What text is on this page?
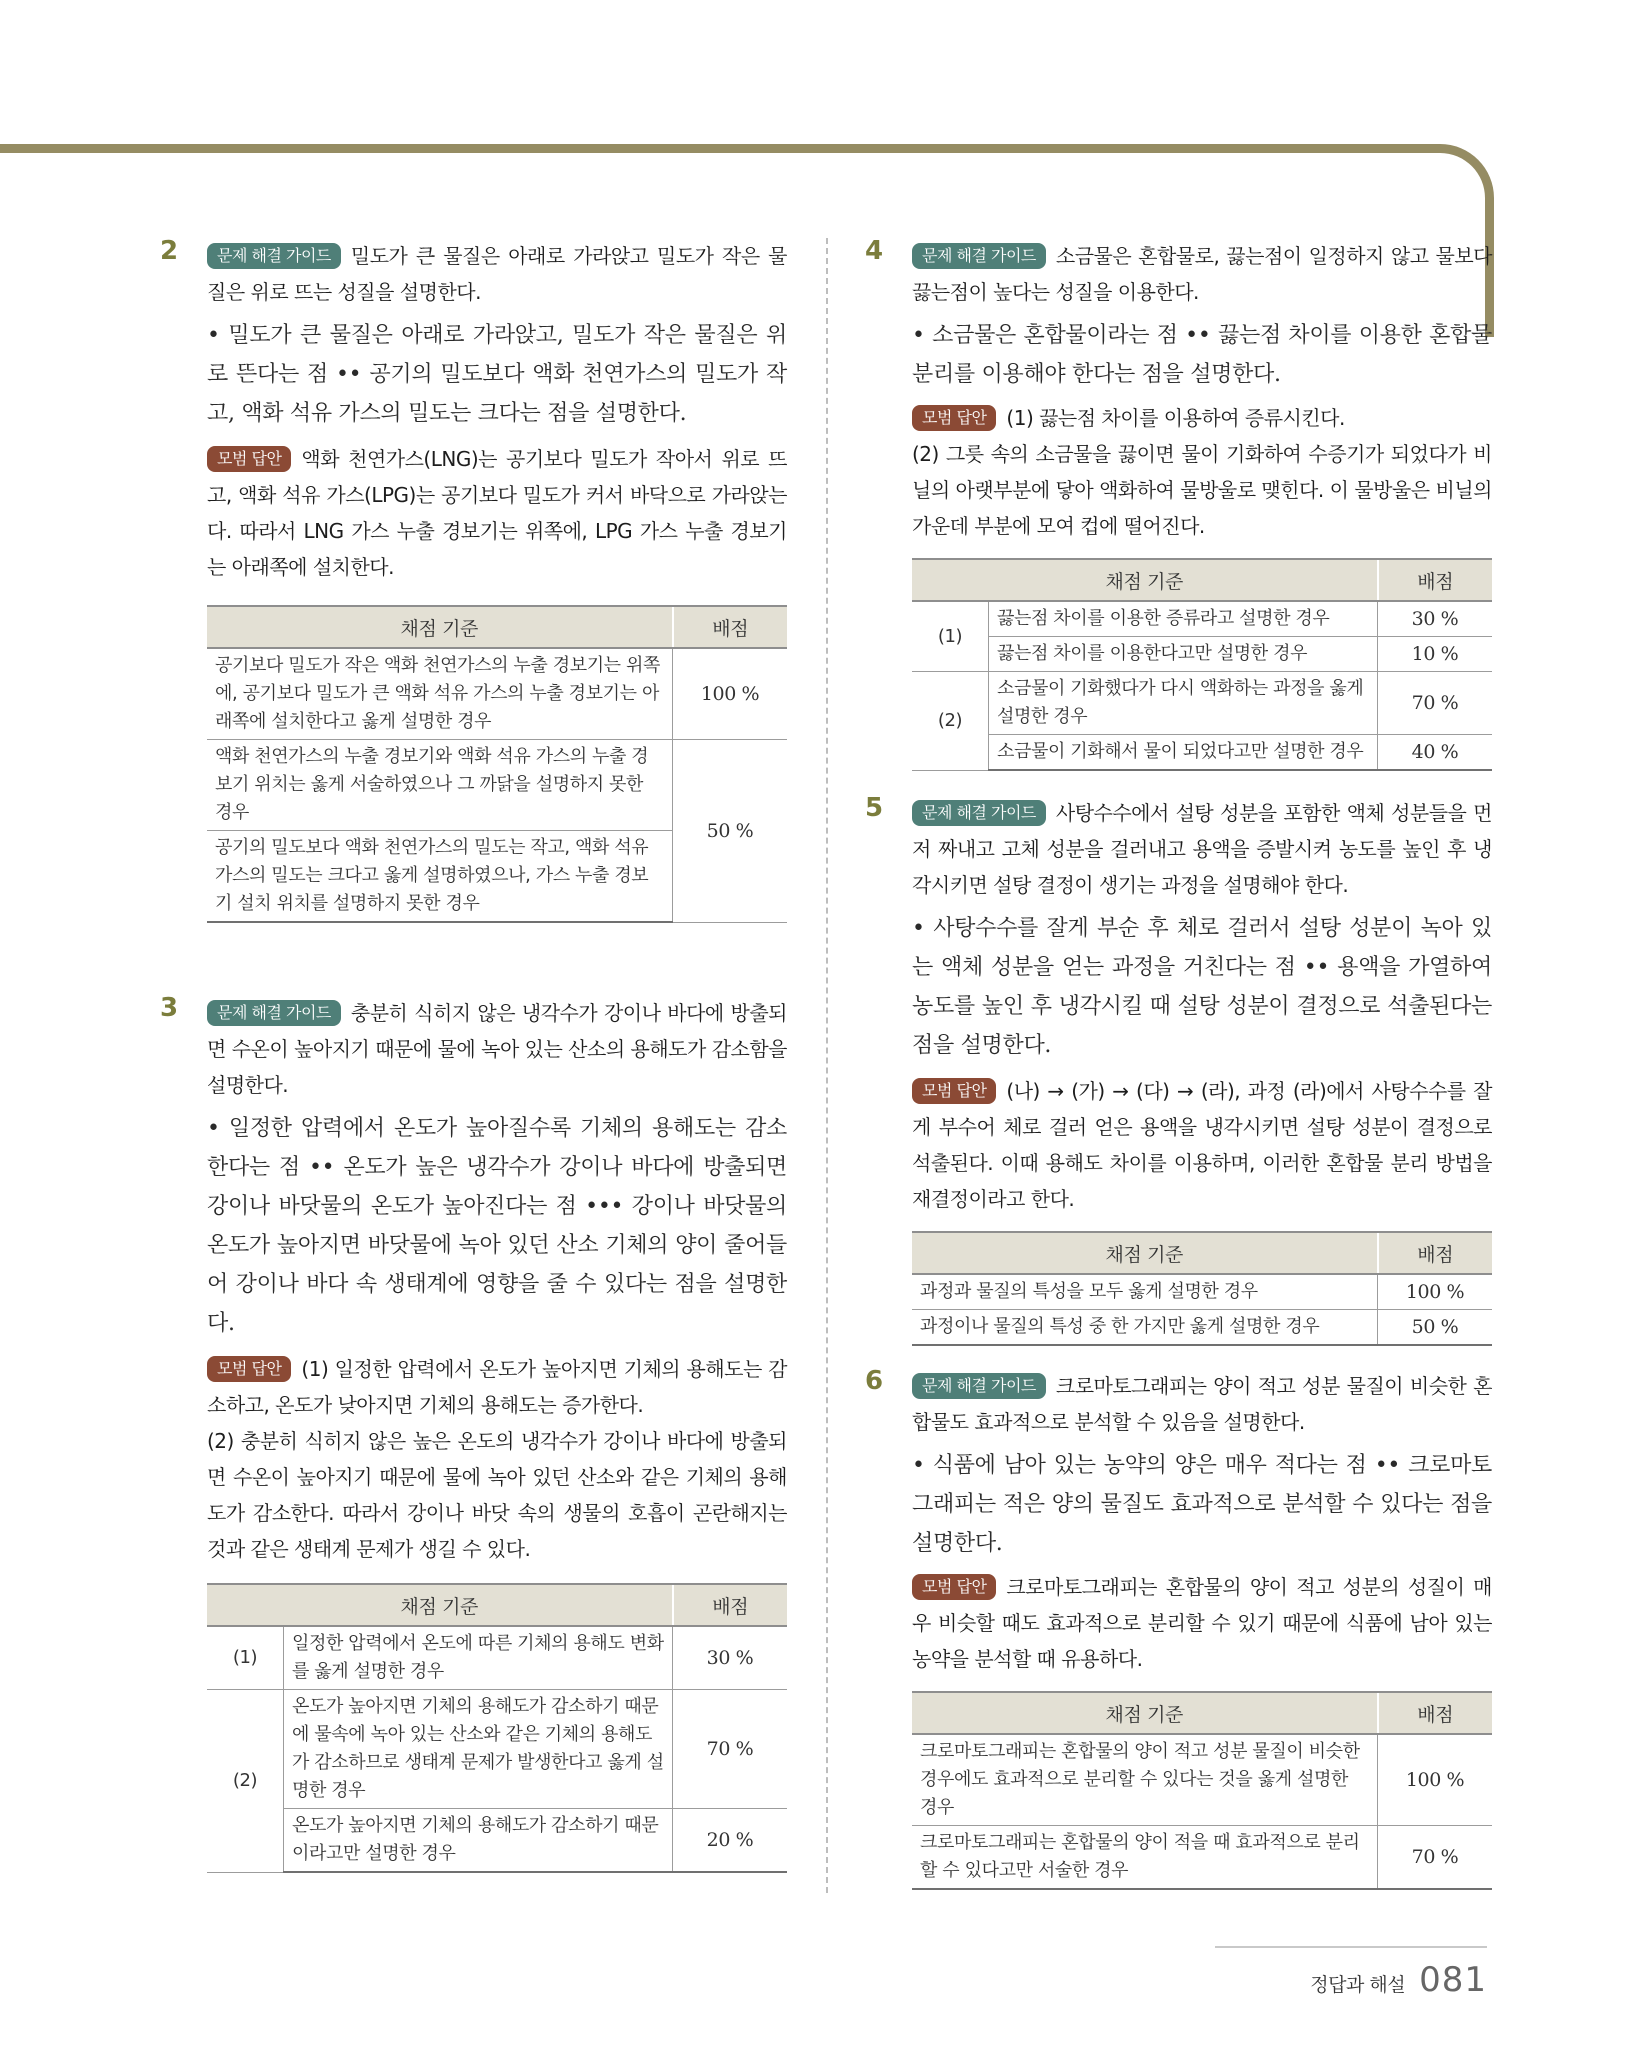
2	문제 해결 가이드 밀도가 큰 물질은 아래로 가라앉고 밀도가 작은 물질은 위로 뜨는 성질을 설명한다.

• 밀도가 큰 물질은 아래로 가라앉고, 밀도가 작은 물질은 위로 뜬다는 점 •• 공기의 밀도보다 액화 천연가스의 밀도가 작고, 액화 석유 가스의 밀도는 크다는 점을 설명한다.

모범 답안 액화 천연가스(LNG)는 공기보다 밀도가 작아서 위로 뜨고, 액화 석유 가스(LPG)는 공기보다 밀도가 커서 바닥으로 가라앉는다. 따라서 LNG 가스 누출 경보기는 위쪽에, LPG 가스 누출 경보기는 아래쪽에 설치한다.

채점 기준	배점
공기보다 밀도가 작은 액화 천연가스의 누출 경보기는 위쪽에, 공기보다 밀도가 큰 액화 석유 가스의 누출 경보기는 아래쪽에 설치한다고 옳게 설명한 경우	100 %
액화 천연가스의 누출 경보기와 액화 석유 가스의 누출 경보기 위치는 옳게 서술하였으나 그 까닭을 설명하지 못한 경우	50 %
공기의 밀도보다 액화 천연가스의 밀도는 작고, 액화 석유 가스의 밀도는 크다고 옳게 설명하였으나, 가스 누출 경보기 설치 위치를 설명하지 못한 경우	
3	문제 해결 가이드 충분히 식히지 않은 냉각수가 강이나 바다에 방출되면 수온이 높아지기 때문에 물에 녹아 있는 산소의 용해도가 감소함을 설명한다.

• 일정한 압력에서 온도가 높아질수록 기체의 용해도는 감소한다는 점 •• 온도가 높은 냉각수가 강이나 바다에 방출되면 강이나 바닷물의 온도가 높아진다는 점 ••• 강이나 바닷물의 온도가 높아지면 바닷물에 녹아 있던 산소 기체의 양이 줄어들어 강이나 바다 속 생태계에 영향을 줄 수 있다는 점을 설명한다.

모범 답안 (1) 일정한 압력에서 온도가 높아지면 기체의 용해도는 감소하고, 온도가 낮아지면 기체의 용해도는 증가한다.

(2) 충분히 식히지 않은 높은 온도의 냉각수가 강이나 바다에 방출되면 수온이 높아지기 때문에 물에 녹아 있던 산소와 같은 기체의 용해도가 감소한다. 따라서 강이나 바닷 속의 생물의 호흡이 곤란해지는 것과 같은 생태계 문제가 생길 수 있다.

채점 기준		배점
(1)	일정한 압력에서 온도에 따른 기체의 용해도 변화를 옳게 설명한 경우	30 %
(2)	온도가 높아지면 기체의 용해도가 감소하기 때문에 물속에 녹아 있는 산소와 같은 기체의 용해도가 감소하므로 생태계 문제가 발생한다고 옳게 설명한 경우	70 %
	온도가 높아지면 기체의 용해도가 감소하기 때문이라고만 설명한 경우	20 %
4	문제 해결 가이드 소금물은 혼합물로, 끓는점이 일정하지 않고 물보다 끓는점이 높다는 성질을 이용한다.

• 소금물은 혼합물이라는 점 •• 끓는점 차이를 이용한 혼합물 분리를 이용해야 한다는 점을 설명한다.

모범 답안 (1) 끓는점 차이를 이용하여 증류시킨다.

(2) 그릇 속의 소금물을 끓이면 물이 기화하여 수증기가 되었다가 비닐의 아랫부분에 닿아 액화하여 물방울로 맺힌다. 이 물방울은 비닐의 가운데 부분에 모여 컵에 떨어진다.

채점 기준		배점
(1)	끓는점 차이를 이용한 증류라고 설명한 경우	30 %
	끓는점 차이를 이용한다고만 설명한 경우	10 %
(2)	소금물이 기화했다가 다시 액화하는 과정을 옳게 설명한 경우	70 %
	소금물이 기화해서 물이 되었다고만 설명한 경우	40 %
5	문제 해결 가이드 사탕수수에서 설탕 성분을 포함한 액체 성분들을 먼저 짜내고 고체 성분을 걸러내고 용액을 증발시켜 농도를 높인 후 냉각시키면 설탕 결정이 생기는 과정을 설명해야 한다.

• 사탕수수를 잘게 부순 후 체로 걸러서 설탕 성분이 녹아 있는 액체 성분을 얻는 과정을 거친다는 점 •• 용액을 가열하여 농도를 높인 후 냉각시킬 때 설탕 성분이 결정으로 석출된다는 점을 설명한다.

모범 답안 (나) → (가) → (다) → (라), 과정 (라)에서 사탕수수를 잘게 부수어 체로 걸러 얻은 용액을 냉각시키면 설탕 성분이 결정으로 석출된다. 이때 용해도 차이를 이용하며, 이러한 혼합물 분리 방법을 재결정이라고 한다.

채점 기준	배점
과정과 물질의 특성을 모두 옳게 설명한 경우	100 %
과정이나 물질의 특성 중 한 가지만 옳게 설명한 경우	50 %
6	문제 해결 가이드 크로마토그래피는 양이 적고 성분 물질이 비슷한 혼합물도 효과적으로 분석할 수 있음을 설명한다.

• 식품에 남아 있는 농약의 양은 매우 적다는 점 •• 크로마토그래피는 적은 양의 물질도 효과적으로 분석할 수 있다는 점을 설명한다.

모범 답안 크로마토그래피는 혼합물의 양이 적고 성분의 성질이 매우 비슷할 때도 효과적으로 분리할 수 있기 때문에 식품에 남아 있는 농약을 분석할 때 유용하다.

채점 기준	배점
크로마토그래피는 혼합물의 양이 적고 성분 물질이 비슷한 경우에도 효과적으로 분리할 수 있다는 것을 옳게 설명한 경우	100 %
크로마토그래피는 혼합물의 양이 적을 때 효과적으로 분리할 수 있다고만 서술한 경우	70 %
정답과 해설 081
